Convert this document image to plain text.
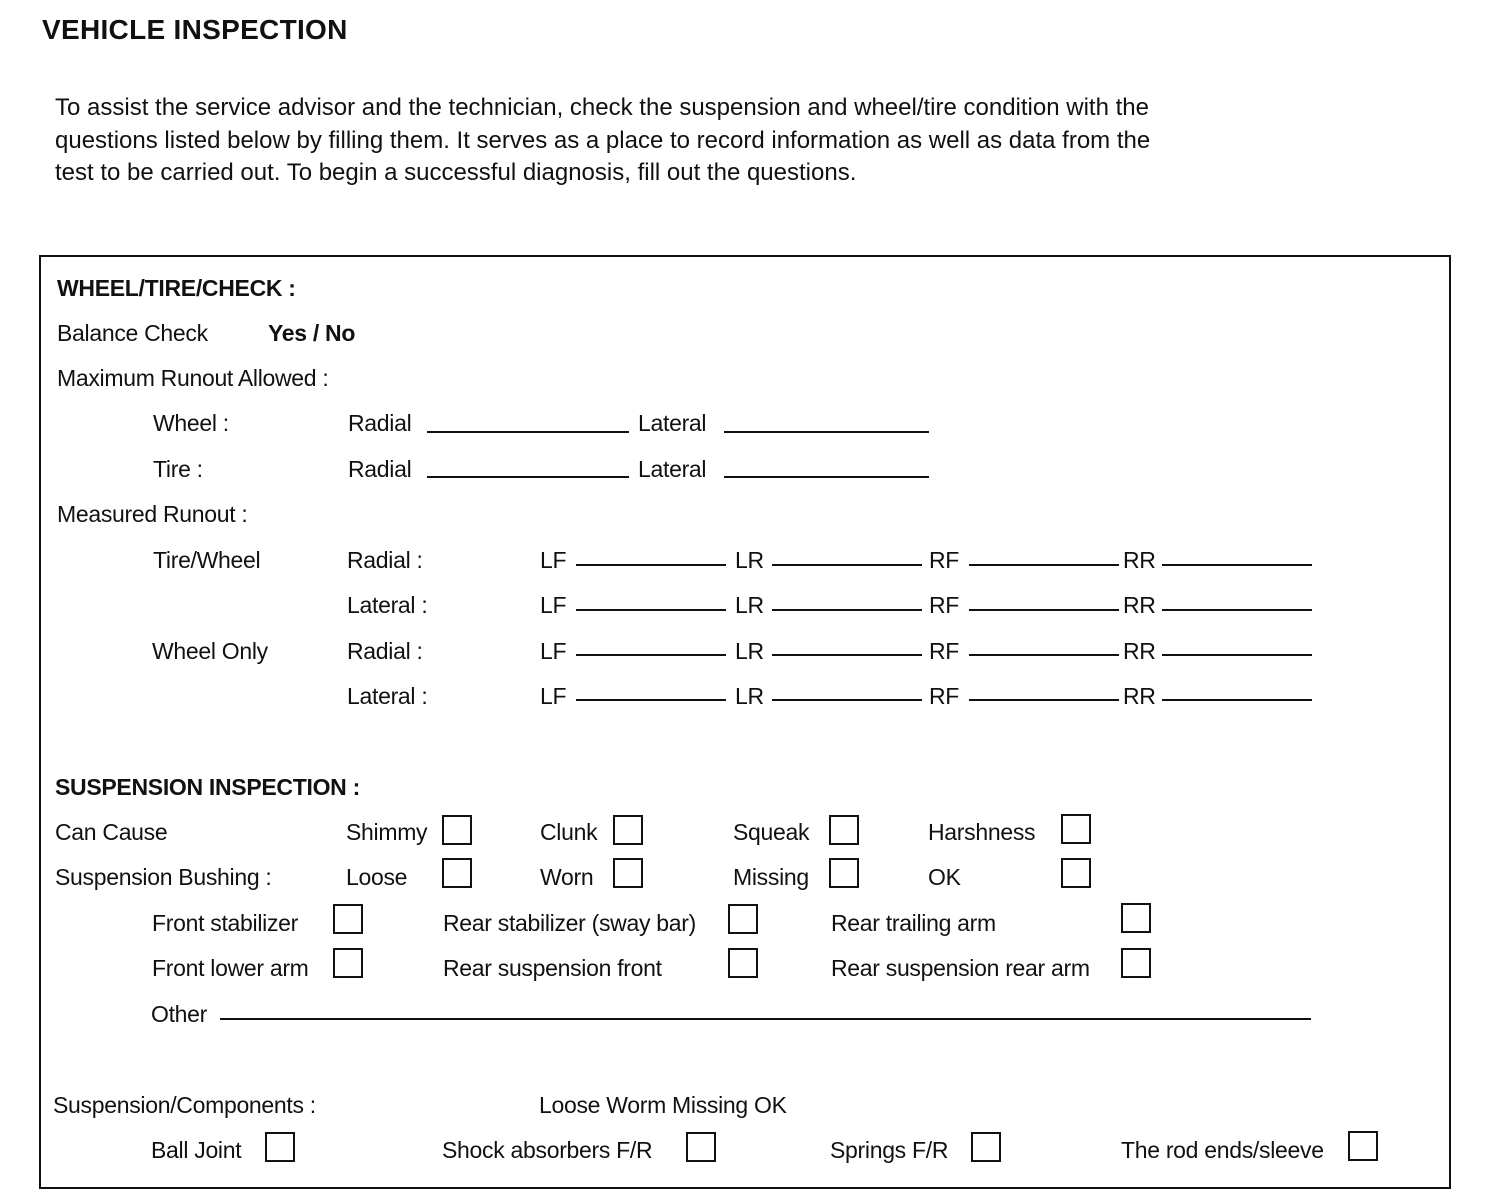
VEHICLE INSPECTION
To assist the service advisor and the technician, check the suspension and wheel/tire condition with the
questions listed below by filling them. It serves as a place to record information as well as data from the
test to be carried out. To begin a successful diagnosis, fill out the questions.
WHEEL/TIRE/CHECK :
Balance Check	Yes / No
Maximum Runout Allowed :
Wheel :	Radial	Lateral
Tire :	Radial	Lateral
Measured Runout :
Tire/Wheel	Radial :	LF	LR	RF	RR
Lateral :	LF	LR	RF	RR
Wheel Only	Radial :	LF	LR	RF	RR
Lateral :	LF	LR	RF	RR
SUSPENSION INSPECTION :
Can Cause	Shimmy	Clunk	Squeak	Harshness
Suspension Bushing :	Loose	Worn	Missing	OK
Front stabilizer	Rear stabilizer (sway bar)	Rear trailing arm
Front lower arm	Rear suspension front	Rear suspension rear arm
Other
Suspension/Components :	Loose Worm Missing OK
Ball Joint	Shock absorbers F/R	Springs F/R	The rod ends/sleeve
